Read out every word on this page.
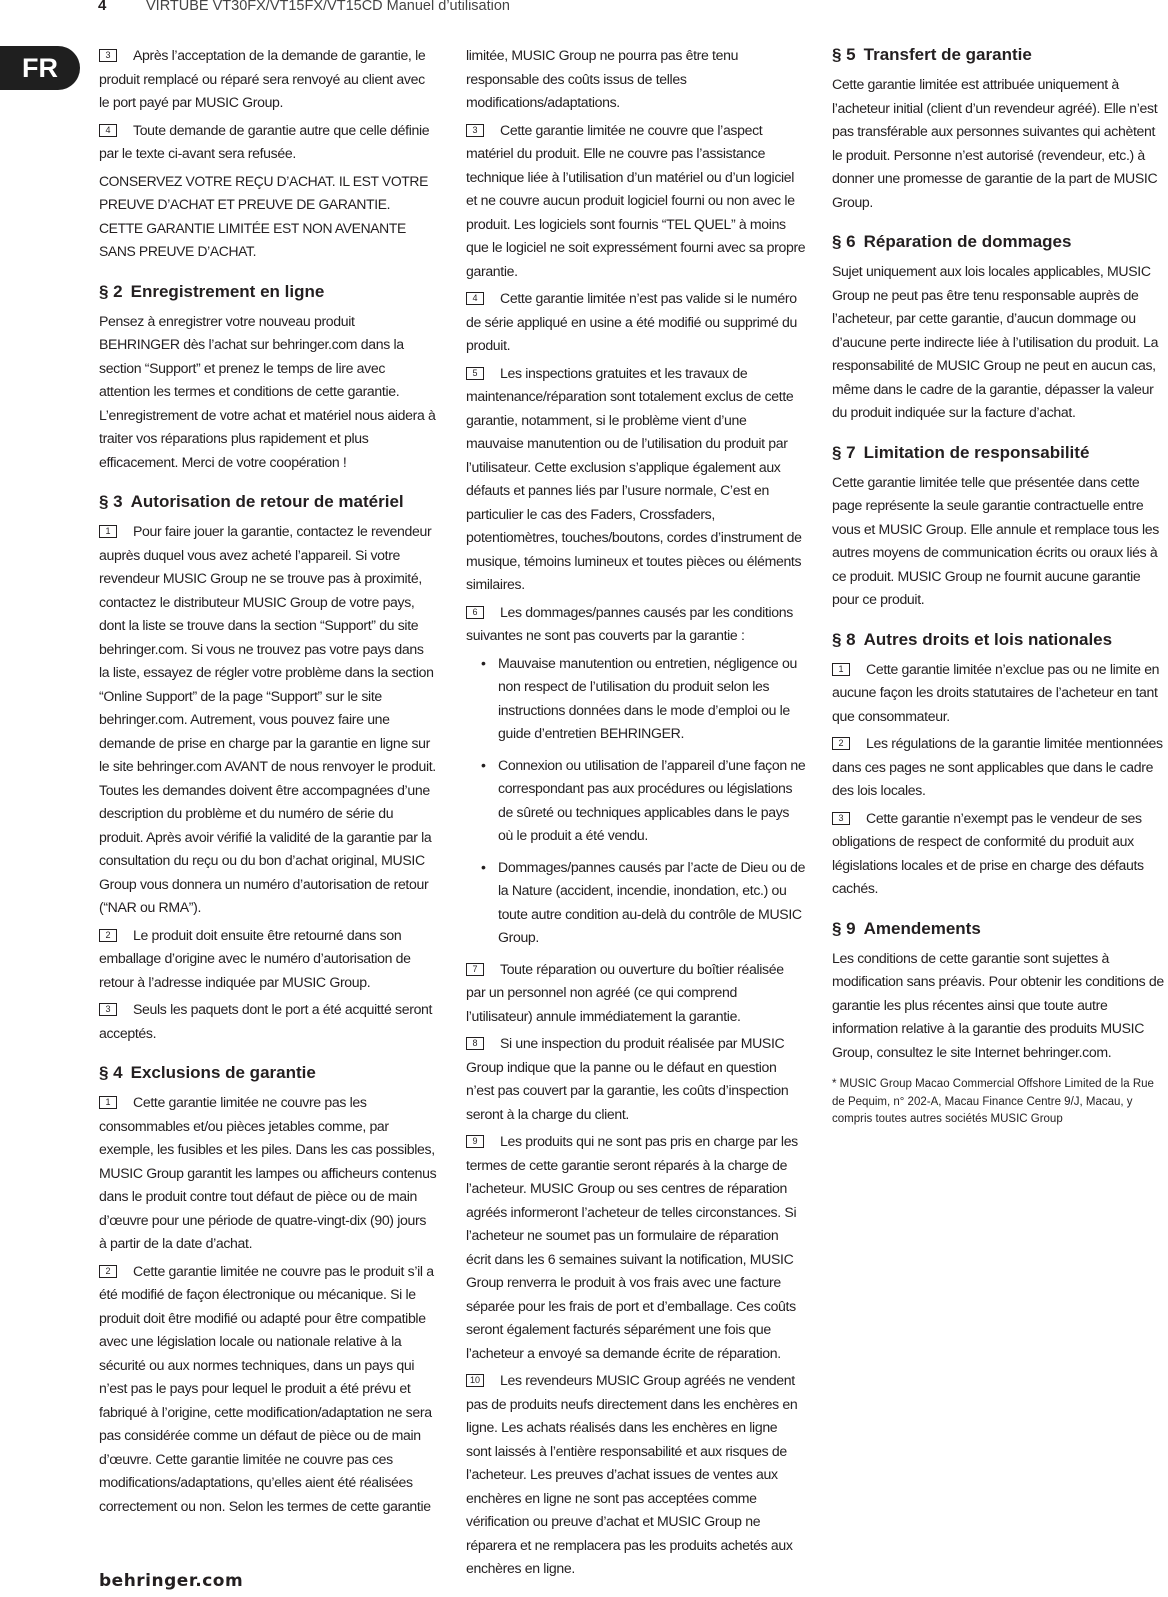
4	VIRTUBE VT30FX/VT15FX/VT15CD Manuel d’utilisation
FR	3 Après l’acceptation de la demande de garantie, le produit remplacé ou réparé sera renvoyé au client avec le port payé par MUSIC Group.

4 Toute demande de garantie autre que celle définie par le texte ci-avant sera refusée.

CONSERVEZ VOTRE REÇU D’ACHAT. IL EST VOTRE PREUVE D’ACHAT ET PREUVE DE GARANTIE. CETTE GARANTIE LIMITÉE EST NON AVENANTE SANS PREUVE D’ACHAT.

§ 2 Enregistrement en ligne

Pensez à enregistrer votre nouveau produit BEHRINGER dès l’achat sur behringer.com dans la section “Support” et prenez le temps de lire avec attention les termes et conditions de cette garantie. L’enregistrement de votre achat et matériel nous aidera à traiter vos réparations plus rapidement et plus efficacement. Merci de votre coopération !

§ 3 Autorisation de retour de matériel

1 Pour faire jouer la garantie, contactez le revendeur auprès duquel vous avez acheté l’appareil. Si votre revendeur MUSIC Group ne se trouve pas à proximité, contactez le distributeur MUSIC Group de votre pays, dont la liste se trouve dans la section “Support” du site behringer.com. Si vous ne trouvez pas votre pays dans la liste, essayez de régler votre problème dans la section “Online Support” de la page “Support” sur le site behringer.com. Autrement, vous pouvez faire une demande de prise en charge par la garantie en ligne sur le site behringer.com AVANT de nous renvoyer le produit. Toutes les demandes doivent être accompagnées d’une description du problème et du numéro de série du produit. Après avoir vérifié la validité de la garantie par la consultation du reçu ou du bon d’achat original, MUSIC Group vous donnera un numéro d’autorisation de retour (“NAR ou RMA”).

2 Le produit doit ensuite être retourné dans son emballage d’origine avec le numéro d’autorisation de retour à l’adresse indiquée par MUSIC Group.

3 Seuls les paquets dont le port a été acquitté seront acceptés.

§ 4 Exclusions de garantie

1 Cette garantie limitée ne couvre pas les consommables et/ou pièces jetables comme, par exemple, les fusibles et les piles. Dans les cas possibles, MUSIC Group garantit les lampes ou afficheurs contenus dans le produit contre tout défaut de pièce ou de main d’œuvre pour une période de quatre-vingt-dix (90) jours à partir de la date d’achat.

2 Cette garantie limitée ne couvre pas le produit s’il a été modifié de façon électronique ou mécanique. Si le produit doit être modifié ou adapté pour être compatible avec une législation locale ou nationale relative à la sécurité ou aux normes techniques, dans un pays qui n’est pas le pays pour lequel le produit a été prévu et fabriqué à l’origine, cette modification/adaptation ne sera pas considérée comme un défaut de pièce ou de main d’œuvre. Cette garantie limitée ne couvre pas ces modifications/adaptations, qu’elles aient été réalisées correctement ou non. Selon les termes de cette garantie

limitée, MUSIC Group ne pourra pas être tenu responsable des coûts issus de telles modifications/adaptations.

3 Cette garantie limitée ne couvre que l’aspect matériel du produit. Elle ne couvre pas l’assistance technique liée à l’utilisation d’un matériel ou d’un logiciel et ne couvre aucun produit logiciel fourni ou non avec le produit. Les logiciels sont fournis “TEL QUEL” à moins que le logiciel ne soit expressément fourni avec sa propre garantie.

4 Cette garantie limitée n’est pas valide si le numéro de série appliqué en usine a été modifié ou supprimé du produit.

5 Les inspections gratuites et les travaux de maintenance/réparation sont totalement exclus de cette garantie, notamment, si le problème vient d’une mauvaise manutention ou de l’utilisation du produit par l’utilisateur. Cette exclusion s’applique également aux défauts et pannes liés par l’usure normale, C’est en particulier le cas des Faders, Crossfaders, potentiomètres, touches/boutons, cordes d’instrument de musique, témoins lumineux et toutes pièces ou éléments similaires.

6 Les dommages/pannes causés par les conditions suivantes ne sont pas couverts par la garantie :

• Mauvaise manutention ou entretien, négligence ou non respect de l’utilisation du produit selon les instructions données dans le mode d’emploi ou le guide d’entretien BEHRINGER.
• Connexion ou utilisation de l’appareil d’une façon ne correspondant pas aux procédures ou législations de sûreté ou techniques applicables dans le pays où le produit a été vendu.
• Dommages/pannes causés par l’acte de Dieu ou de la Nature (accident, incendie, inondation, etc.) ou toute autre condition au-delà du contrôle de MUSIC Group.

7 Toute réparation ou ouverture du boîtier réalisée par un personnel non agréé (ce qui comprend l’utilisateur) annule immédiatement la garantie.

8 Si une inspection du produit réalisée par MUSIC Group indique que la panne ou le défaut en question n’est pas couvert par la garantie, les coûts d’inspection seront à la charge du client.

9 Les produits qui ne sont pas pris en charge par les termes de cette garantie seront réparés à la charge de l’acheteur. MUSIC Group ou ses centres de réparation agréés informeront l’acheteur de telles circonstances. Si l’acheteur ne soumet pas un formulaire de réparation écrit dans les 6 semaines suivant la notification, MUSIC Group renverra le produit à vos frais avec une facture séparée pour les frais de port et d’emballage. Ces coûts seront également facturés séparément une fois que l’acheteur a envoyé sa demande écrite de réparation.

10 Les revendeurs MUSIC Group agréés ne vendent pas de produits neufs directement dans les enchères en ligne. Les achats réalisés dans les enchères en ligne sont laissés à l’entière responsabilité et aux risques de l’acheteur. Les preuves d’achat issues de ventes aux enchères en ligne ne sont pas acceptées comme vérification ou preuve d’achat et MUSIC Group ne réparera et ne remplacera pas les produits achetés aux enchères en ligne.

§ 5 Transfert de garantie

Cette garantie limitée est attribuée uniquement à l’acheteur initial (client d’un revendeur agréé). Elle n’est pas transférable aux personnes suivantes qui achètent le produit. Personne n’est autorisé (revendeur, etc.) à donner une promesse de garantie de la part de MUSIC Group.

§ 6 Réparation de dommages

Sujet uniquement aux lois locales applicables, MUSIC Group ne peut pas être tenu responsable auprès de l’acheteur, par cette garantie, d’aucun dommage ou d’aucune perte indirecte liée à l’utilisation du produit. La responsabilité de MUSIC Group ne peut en aucun cas, même dans le cadre de la garantie, dépasser la valeur du produit indiquée sur la facture d’achat.

§ 7 Limitation de responsabilité

Cette garantie limitée telle que présentée dans cette page représente la seule garantie contractuelle entre vous et MUSIC Group. Elle annule et remplace tous les autres moyens de communication écrits ou oraux liés à ce produit. MUSIC Group ne fournit aucune garantie pour ce produit.

§ 8 Autres droits et lois nationales

1 Cette garantie limitée n’exclue pas ou ne limite en aucune façon les droits statutaires de l’acheteur en tant que consommateur.

2 Les régulations de la garantie limitée mentionnées dans ces pages ne sont applicables que dans le cadre des lois locales.

3 Cette garantie n’exempt pas le vendeur de ses obligations de respect de conformité du produit aux législations locales et de prise en charge des défauts cachés.

§ 9 Amendements

Les conditions de cette garantie sont sujettes à modification sans préavis. Pour obtenir les conditions de garantie les plus récentes ainsi que toute autre information relative à la garantie des produits MUSIC Group, consultez le site Internet behringer.com.

* MUSIC Group Macao Commercial Offshore Limited de la Rue de Pequim, n° 202-A, Macau Finance Centre 9/J, Macau, y compris toutes autres sociétés MUSIC Group

behringer.com
